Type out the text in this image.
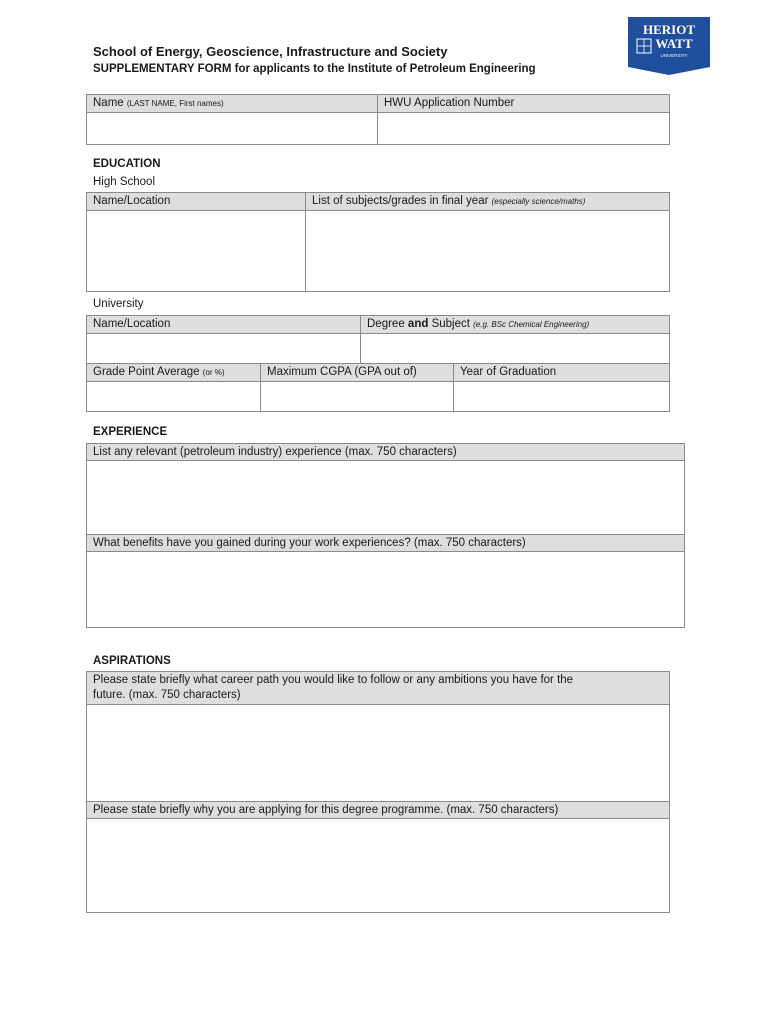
School of Energy, Geoscience, Infrastructure and Society
SUPPLEMENTARY FORM for applicants to the Institute of Petroleum Engineering
HERIOT
WATT
UNIVERSITY
Name (LAST NAME, First names)	HWU Application Number

EDUCATION
High School
Name/Location	List of subjects/grades in final year (especially science/maths)

University
Name/Location	Degree and Subject (e.g. BSc Chemical Engineering)

Grade Point Average (or %)	Maximum CGPA (GPA out of)	Year of Graduation

EXPERIENCE
List any relevant (petroleum industry) experience (max. 750 characters)

What benefits have you gained during your work experiences? (max. 750 characters)

ASPIRATIONS
Please state briefly what career path you would like to follow or any ambitions you have for the
future. (max. 750 characters)

Please state briefly why you are applying for this degree programme. (max. 750 characters)
